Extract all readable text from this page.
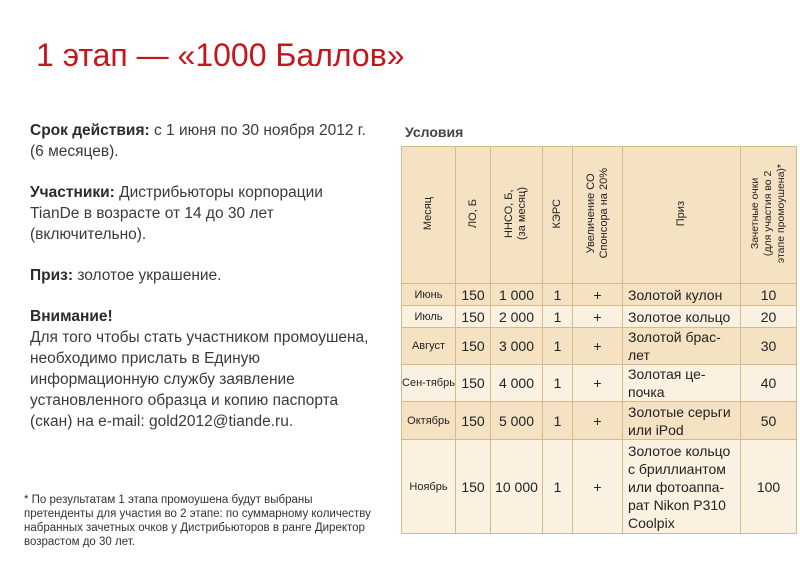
1 этап — «1000 Баллов»

Срок действия: с 1 июня по 30 ноября 2012 г. (6 месяцев).

Участники: Дистрибьюторы корпорации TianDe в возрасте от 14 до 30 лет (включительно).

Приз: золотое украшение.

Внимание!
Для того чтобы стать участником промоушена, необходимо прислать в Единую информационную службу заявление установленного образца и копию паспорта (скан) на e-mail: gold2012@tiande.ru.

* По результатам 1 этапа промоушена будут выбраны претенденты для участия во 2 этапе: по суммарному количеству набранных зачетных очков у Дистрибьюторов в ранге Директор возрастом до 30 лет.
Условия
Месяц	ЛО, Б	ННСО, Б,
(за месяц)	КЭРС	Увеличение СО
Спонсора на 20%	Приз	Зачетные очки
(для участия во 2
этапе промоушена)*
Июнь	150	1 000	1	+	Золотой кулон	10
Июль	150	2 000	1	+	Золотое кольцо	20
Август	150	3 000	1	+	Золотой брас-лет	30
Сен-тябрь	150	4 000	1	+	Золотая це-почка	40
Октябрь	150	5 000	1	+	Золотые серьги или iPod	50
Ноябрь	150	10 000	1	+	Золотое кольцо с бриллиантом или фотоаппа-рат Nikon P310 Coolpix	100
